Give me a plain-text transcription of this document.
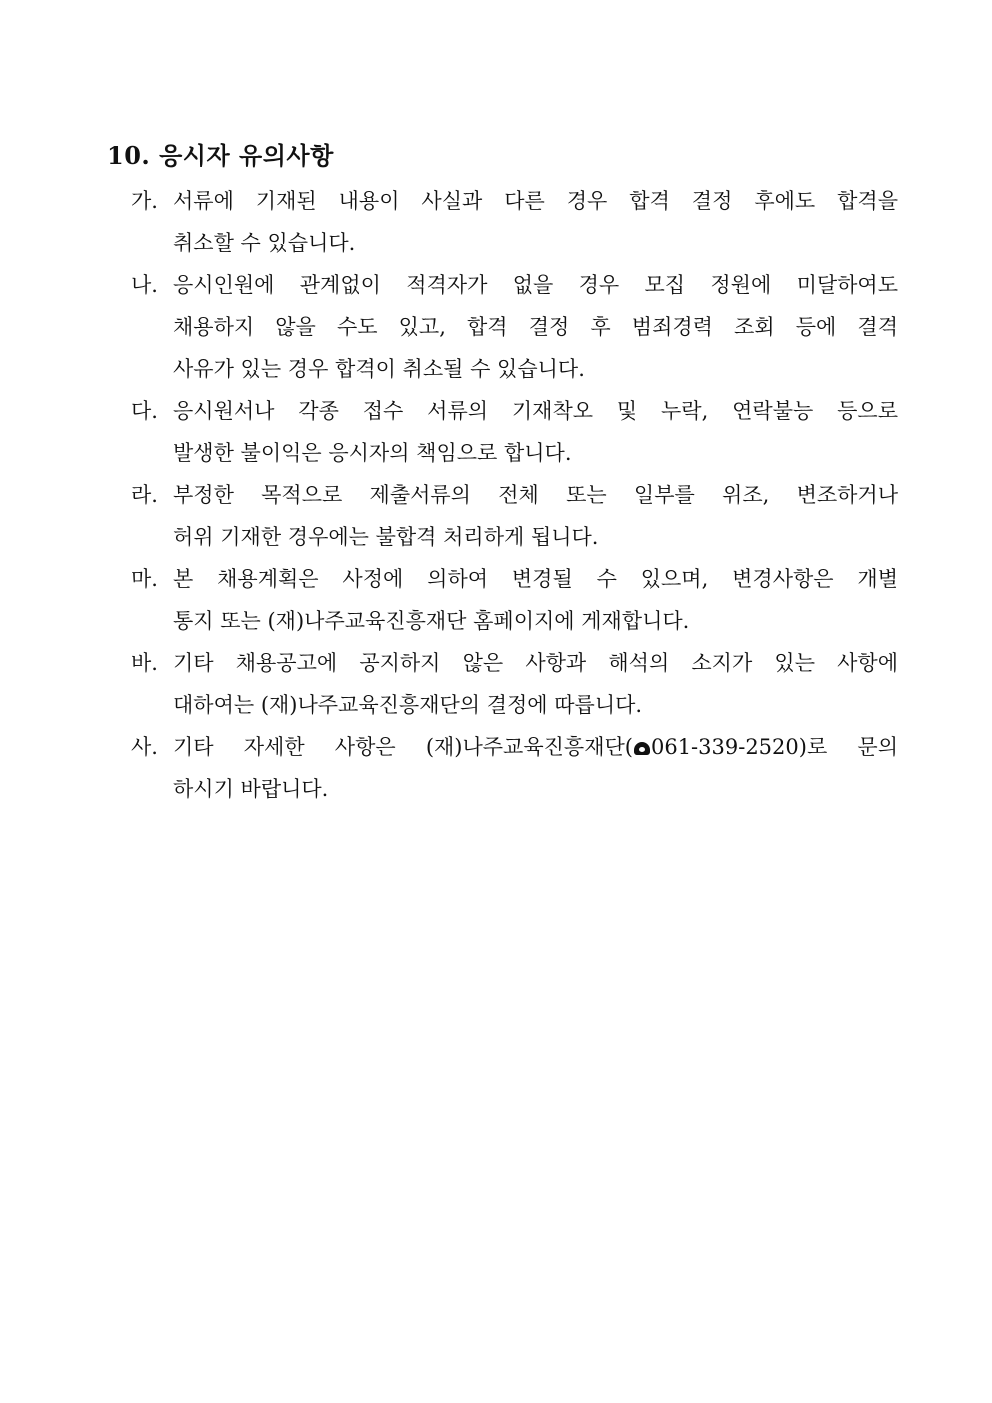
10. 응시자 유의사항
가. 서류에 기재된 내용이 사실과 다른 경우 합격 결정 후에도 합격을
취소할 수 있습니다.
나. 응시인원에 관계없이 적격자가 없을 경우 모집 정원에 미달하여도
채용하지 않을 수도 있고, 합격 결정 후 범죄경력 조회 등에 결격
사유가 있는 경우 합격이 취소될 수 있습니다.
다. 응시원서나 각종 접수 서류의 기재착오 및 누락, 연락불능 등으로
발생한 불이익은 응시자의 책임으로 합니다.
라. 부정한 목적으로 제출서류의 전체 또는 일부를 위조, 변조하거나
허위 기재한 경우에는 불합격 처리하게 됩니다.
마. 본 채용계획은 사정에 의하여 변경될 수 있으며, 변경사항은 개별
통지 또는 (재)나주교육진흥재단 홈페이지에 게재합니다.
바. 기타 채용공고에 공지하지 않은 사항과 해석의 소지가 있는 사항에
대하여는 (재)나주교육진흥재단의 결정에 따릅니다.
사. 기타 자세한 사항은 (재)나주교육진흥재단( 061-339-2520)로 문의
하시기 바랍니다.
